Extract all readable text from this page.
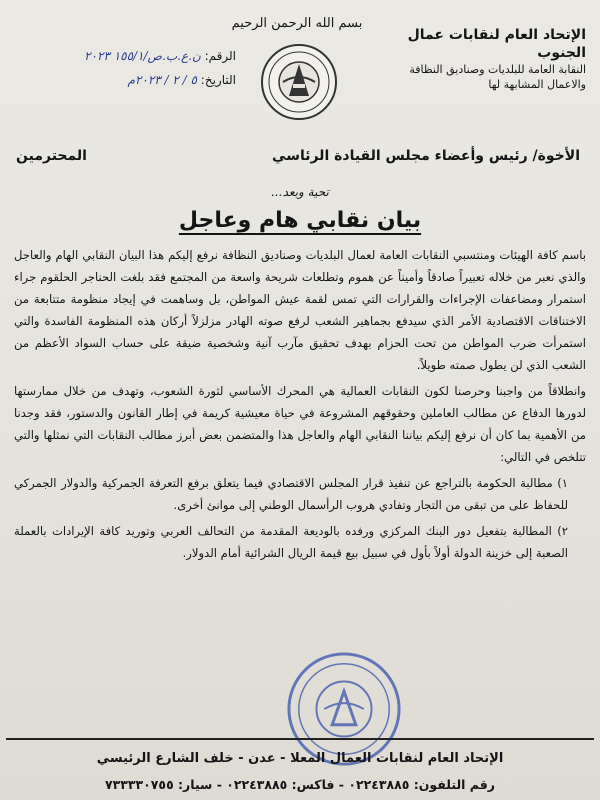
الإتحاد العام لنقابات عمال الجنوب
النقابة العامة للبلديات وصناديق النظافة
والاعمال المشابهة لها
بسم الله الرحمن الرحيم
الرقم: ن.ع.ب.ص/١٥٥/١ ٢٠٢٣
التاريخ: ٥ / ٢ / ٢٠٢٣م
الأخوة/ رئيس وأعضاء مجلس القيادة الرئاسي
المحترمين
تحية وبعد...
بيان نقابي هام وعاجل

باسم كافة الهيئات ومنتسبي النقابات العامة لعمال البلديات وصناديق النظافة نرفع إليكم هذا البيان النقابي الهام والعاجل والذي نعبر من خلاله تعبيراً صادقاً وأميناً عن هموم وتطلعات شريحة واسعة من المجتمع فقد بلغت الحناجر الحلقوم جراء استمرار ومضاعفات الإجراءات والقرارات التي تمس لقمة عيش المواطن، بل وساهمت في إيجاد منظومة متتابعة من الاختناقات الاقتصادية الأمر الذي سيدفع بجماهير الشعب لرفع صوته الهادر مزلزلاً أركان هذه المنظومة الفاسدة والتي استمرأت ضرب المواطن من تحت الحزام بهدف تحقيق مآرب آنية وشخصية ضيقة على حساب السواد الأعظم من الشعب الذي لن يطول صمته طويلاً.

وانطلاقاً من واجبنا وحرصنا لكون النقابات العمالية هي المحرك الأساسي لثورة الشعوب، وتهدف من خلال ممارستها لدورها الدفاع عن مطالب العاملين وحقوقهم المشروعة في حياة معيشية كريمة في إطار القانون والدستور، فقد وجدنا من الأهمية بما كان أن نرفع إليكم بياننا النقابي الهام والعاجل هذا والمتضمن بعض أبرز مطالب النقابات التي نمثلها والتي تتلخص في التالي:

١) مطالبة الحكومة بالتراجع عن تنفيذ قرار المجلس الاقتصادي فيما يتعلق برفع التعرفة الجمركية والدولار الجمركي للحفاظ على من تبقى من التجار وتفادي هروب الرأسمال الوطني إلى موانئ أخرى.

٢) المطالبة بتفعيل دور البنك المركزي ورفده بالوديعة المقدمة من التحالف العربي وتوريد كافة الإيرادات بالعملة الصعبة إلى خزينة الدولة أولاً بأول في سبيل بيع قيمة الريال الشرائية أمام الدولار.

الإتحاد العام لنقابات العمال المعلا - عدن - خلف الشارع الرئيسي
رقم التلفون: ٠٢٢٤٣٨٨٥ - فاكس: ٠٢٢٤٣٨٨٥ - سيار: ٧٣٣٣٣٠٧٥٥
